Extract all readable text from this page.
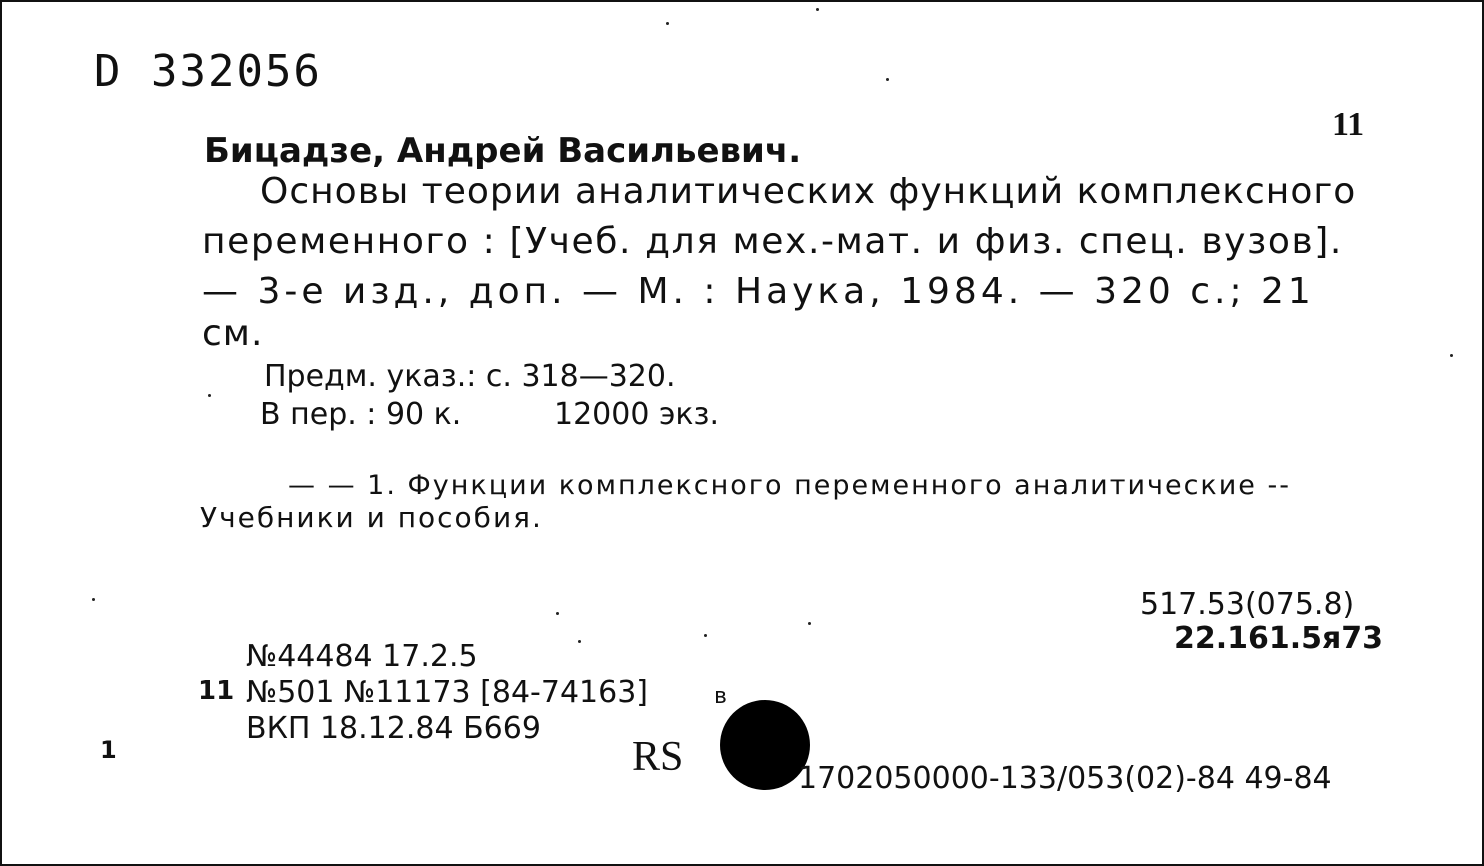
D 332056
11
Бицадзе, Андрей Васильевич.
Основы теории аналитических функций комплексного
переменного : [Учеб. для мех.-мат. и физ. спец. вузов].
— 3-е изд., доп. — М. : Наука, 1984. — 320 с.; 21
см.
Предм. указ.: с. 318—320.
В пер. : 90 к.	12000 экз.
— — 1. Функции комплексного переменного аналитические --
Учебники и пособия.
517.53(075.8)
22.161.5я73
№44484 17.2.5
11 №501 №11173 [84-74163]	в
ВКП 18.12.84 Б669
RS	1702050000-133/053(02)-84 49-84
1
